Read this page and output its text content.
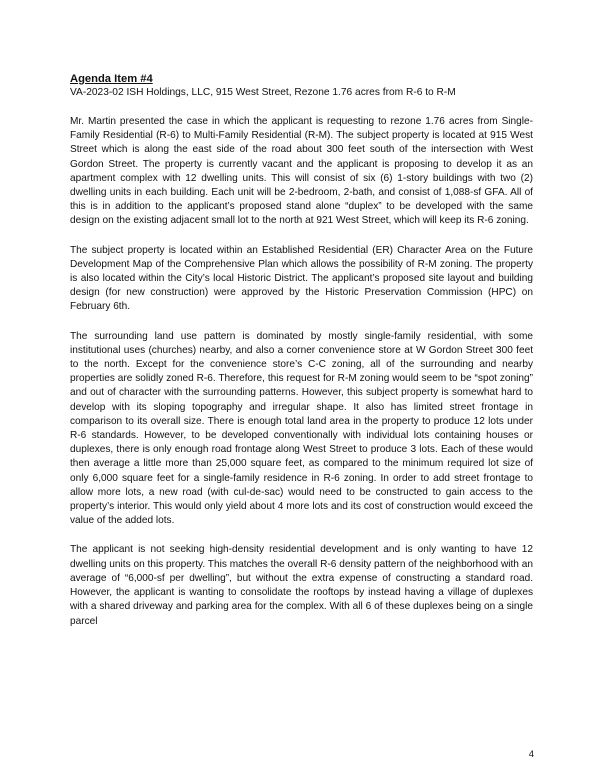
Agenda Item #4
VA-2023-02 ISH Holdings, LLC, 915 West Street, Rezone 1.76 acres from R-6 to R-M

Mr. Martin presented the case in which the applicant is requesting to rezone 1.76 acres from Single-Family Residential (R-6) to Multi-Family Residential (R-M). The subject property is located at 915 West Street which is along the east side of the road about 300 feet south of the intersection with West Gordon Street. The property is currently vacant and the applicant is proposing to develop it as an apartment complex with 12 dwelling units. This will consist of six (6) 1-story buildings with two (2) dwelling units in each building. Each unit will be 2-bedroom, 2-bath, and consist of 1,088-sf GFA. All of this is in addition to the applicant’s proposed stand alone “duplex” to be developed with the same design on the existing adjacent small lot to the north at 921 West Street, which will keep its R-6 zoning.

The subject property is located within an Established Residential (ER) Character Area on the Future Development Map of the Comprehensive Plan which allows the possibility of R-M zoning. The property is also located within the City’s local Historic District. The applicant’s proposed site layout and building design (for new construction) were approved by the Historic Preservation Commission (HPC) on February 6th.

The surrounding land use pattern is dominated by mostly single-family residential, with some institutional uses (churches) nearby, and also a corner convenience store at W Gordon Street 300 feet to the north. Except for the convenience store’s C-C zoning, all of the surrounding and nearby properties are solidly zoned R-6. Therefore, this request for R-M zoning would seem to be “spot zoning” and out of character with the surrounding patterns. However, this subject property is somewhat hard to develop with its sloping topography and irregular shape. It also has limited street frontage in comparison to its overall size. There is enough total land area in the property to produce 12 lots under R-6 standards. However, to be developed conventionally with individual lots containing houses or duplexes, there is only enough road frontage along West Street to produce 3 lots. Each of these would then average a little more than 25,000 square feet, as compared to the minimum required lot size of only 6,000 square feet for a single-family residence in R-6 zoning. In order to add street frontage to allow more lots, a new road (with cul-de-sac) would need to be constructed to gain access to the property’s interior. This would only yield about 4 more lots and its cost of construction would exceed the value of the added lots.

The applicant is not seeking high-density residential development and is only wanting to have 12 dwelling units on this property. This matches the overall R-6 density pattern of the neighborhood with an average of “6,000-sf per dwelling”, but without the extra expense of constructing a standard road. However, the applicant is wanting to consolidate the rooftops by instead having a village of duplexes with a shared driveway and parking area for the complex. With all 6 of these duplexes being on a single parcel

4
